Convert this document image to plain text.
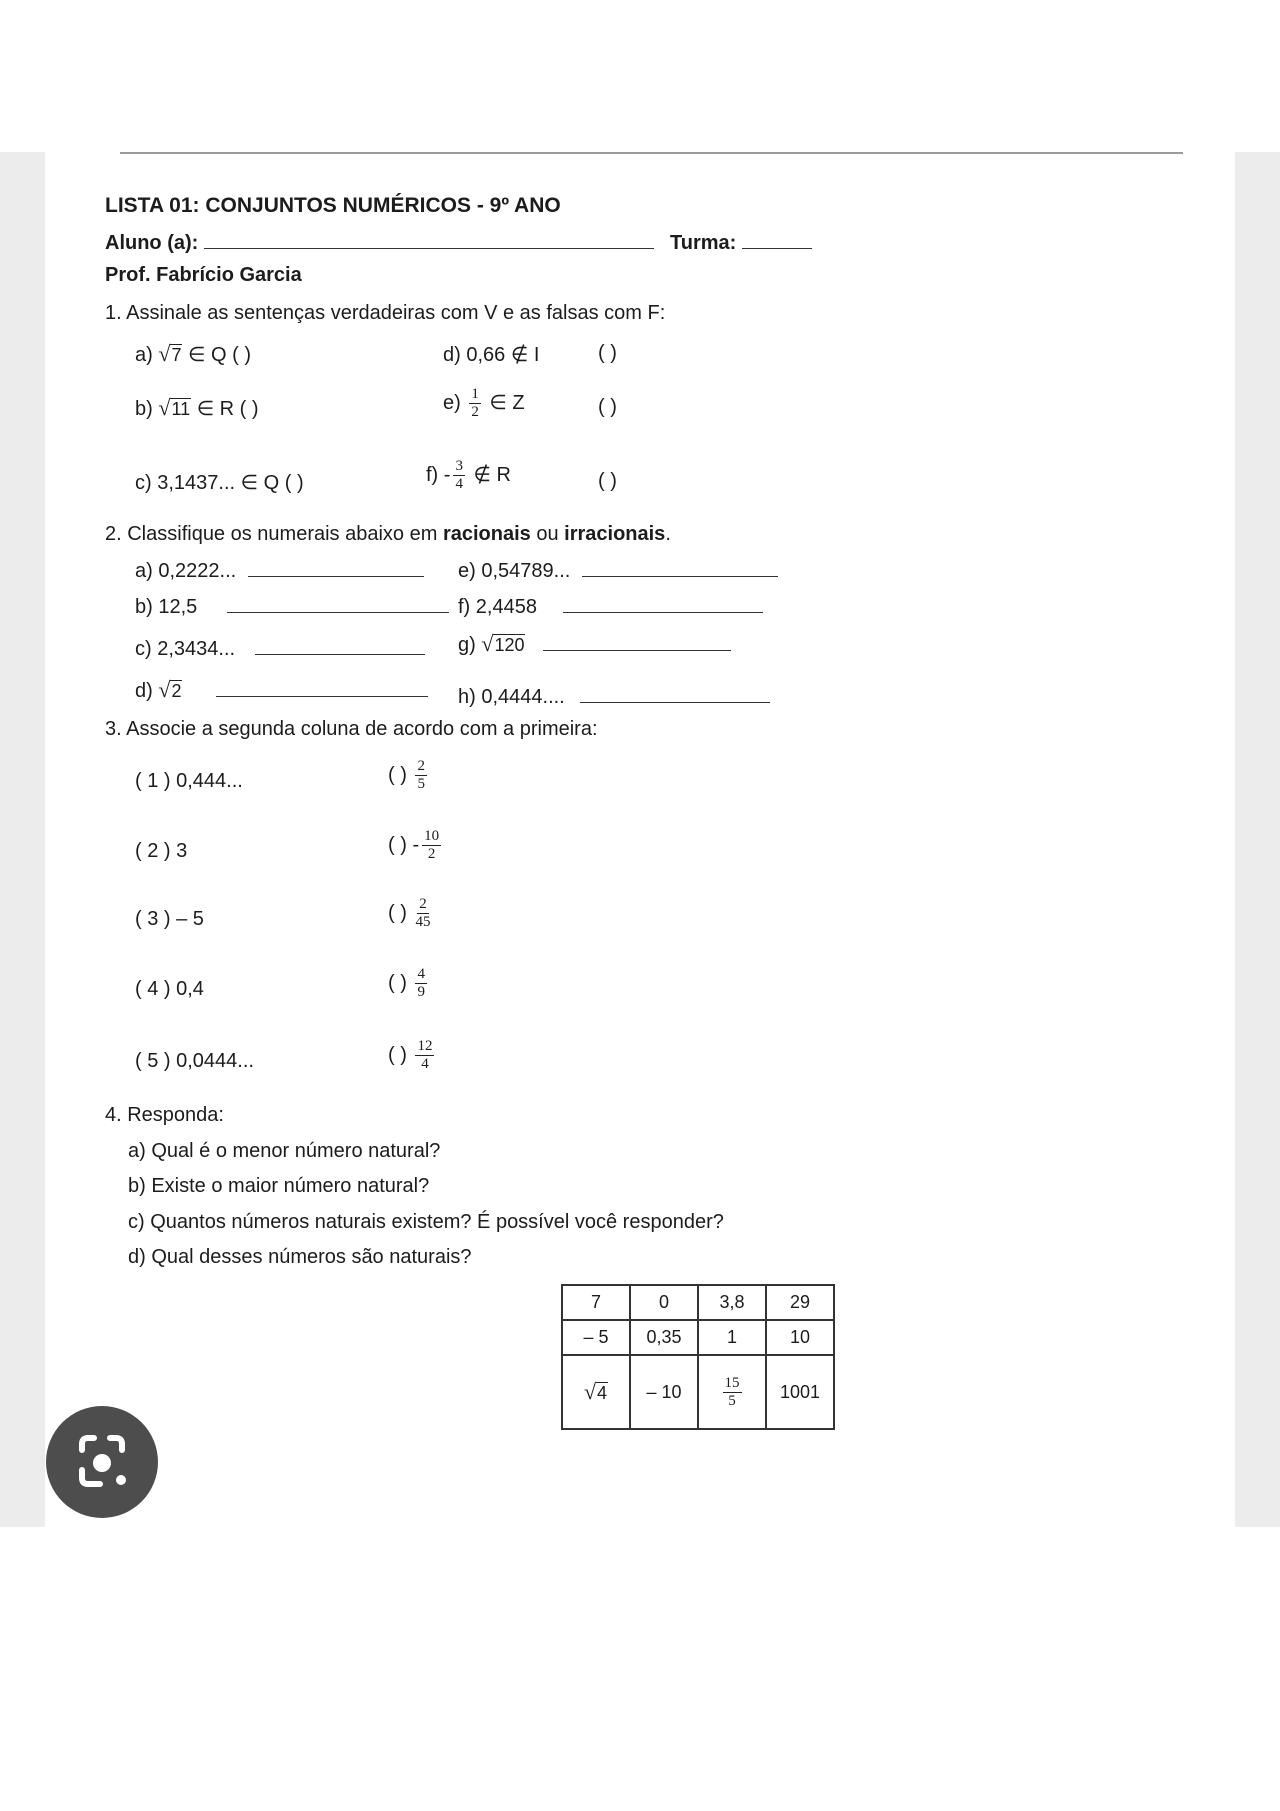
LISTA 01: CONJUNTOS NUMÉRICOS - 9º ANO
Aluno (a):	Turma:
Prof. Fabrício Garcia
1. Assinale as sentenças verdadeiras com V e as falsas com F:
a) √ 7 ∈ Q ( )	d) 0,66 ∉ I	( )
b) √ 11 ∈ R ( )	$e) \frac{1}{2}$ ∈ Z	( )
c) 3,1437... ∈ Q ( )	$f) - \frac{3}{4}$ ∉ R	( )
2. Classifique os numerais abaixo em racionais ou irracionais.
a) 0,2222...	e) 0,54789...
b) 12,5	f) 2,4458
c) 2,3434...	g) √ 120

d) √ 2
	h) 0,4444....
3. Associe a segunda coluna de acordo com a primeira:
( 1 ) 0,444...
( 2 ) 3
( 3 ) – 5
( 4 ) 0,4
( 5 ) 0,0444...
( ) $\frac{2}{5}$
( ) - $\frac{10}{2}$
( ) $\frac{2}{45}$
( ) $\frac{4}{9}$
( ) $\frac{12}{4}$
4. Responda:
a) Qual é o menor número natural?
b) Existe o maior número natural?
c) Quantos números naturais existem? É possível você responder?
d) Qual desses números são naturais?
7	0	3,8	29
– 5	0,35	1	10

√ 4	– 10	$\frac{15}{5}$	1001
